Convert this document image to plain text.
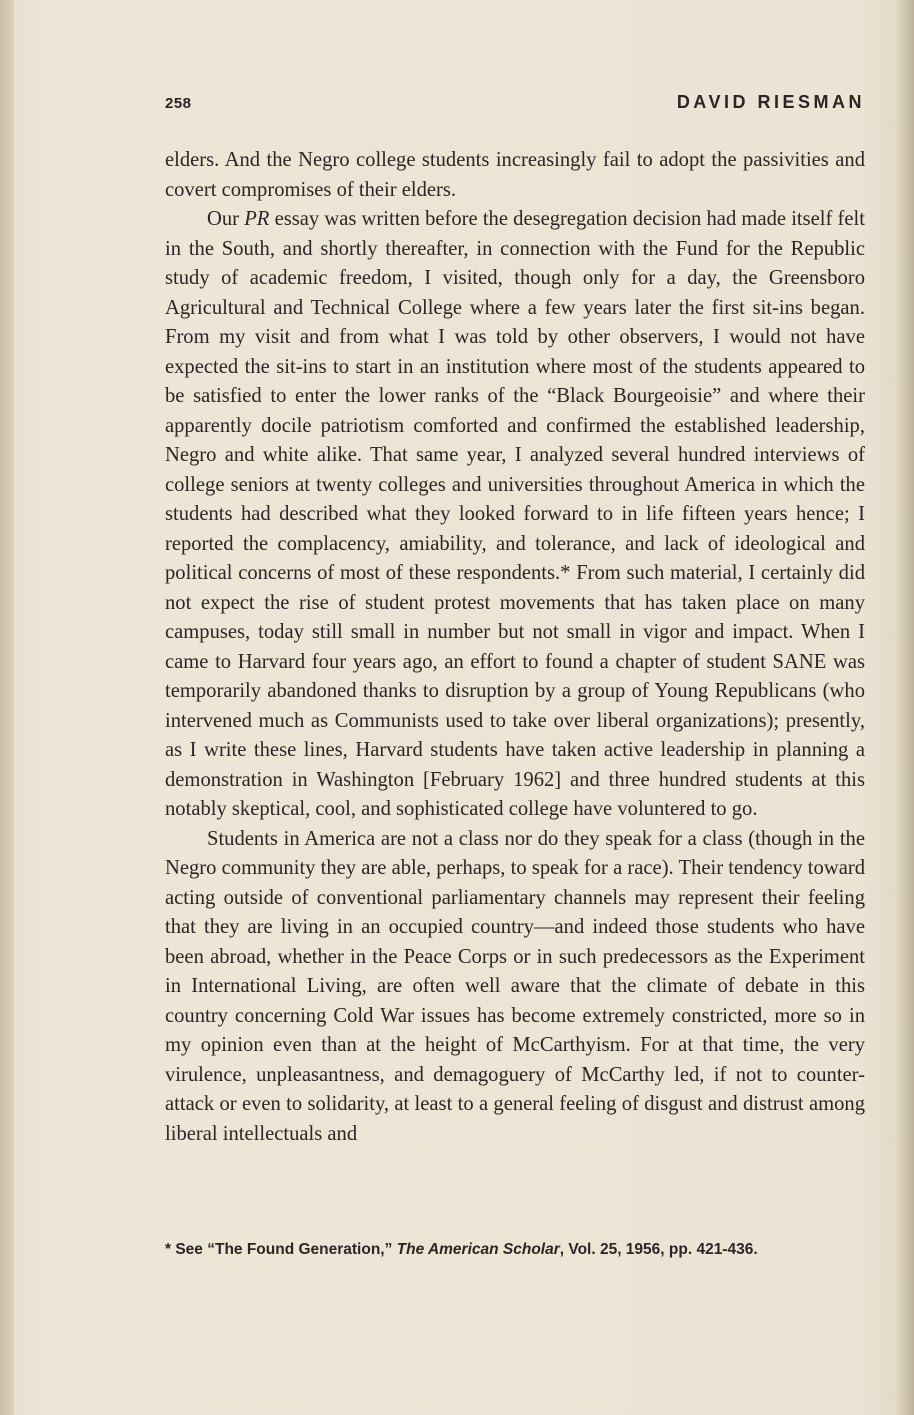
258	DAVID RIESMAN

elders. And the Negro college students increasingly fail to adopt the passivities and covert compromises of their elders.

Our PR essay was written before the desegregation decision had made itself felt in the South, and shortly thereafter, in connection with the Fund for the Republic study of academic freedom, I visited, though only for a day, the Greensboro Agricultural and Technical College where a few years later the first sit-ins began. From my visit and from what I was told by other observers, I would not have expected the sit-ins to start in an institution where most of the students appeared to be satisfied to enter the lower ranks of the “Black Bourgeoisie” and where their apparently docile patriotism comforted and confirmed the established leadership, Negro and white alike. That same year, I analyzed several hundred interviews of college seniors at twenty colleges and universities throughout America in which the students had described what they looked forward to in life fifteen years hence; I reported the complacency, amiability, and tolerance, and lack of ideological and political concerns of most of these respondents.* From such material, I certainly did not expect the rise of student protest movements that has taken place on many campuses, today still small in number but not small in vigor and impact. When I came to Harvard four years ago, an effort to found a chapter of student SANE was temporarily abandoned thanks to disruption by a group of Young Republicans (who intervened much as Communists used to take over liberal organizations); presently, as I write these lines, Harvard students have taken active leadership in planning a demonstration in Washington [February 1962] and three hundred students at this notably skeptical, cool, and sophisticated college have voluntered to go.

Students in America are not a class nor do they speak for a class (though in the Negro community they are able, perhaps, to speak for a race). Their tendency toward acting outside of conventional parliamentary channels may represent their feeling that they are living in an occupied country—and indeed those students who have been abroad, whether in the Peace Corps or in such predecessors as the Experiment in International Living, are often well aware that the climate of debate in this country concerning Cold War issues has become extremely constricted, more so in my opinion even than at the height of McCarthyism. For at that time, the very virulence, unpleasantness, and demagoguery of McCarthy led, if not to counter-attack or even to solidarity, at least to a general feeling of disgust and distrust among liberal intellectuals and

* See “The Found Generation,” The American Scholar, Vol. 25, 1956, pp. 421-436.
